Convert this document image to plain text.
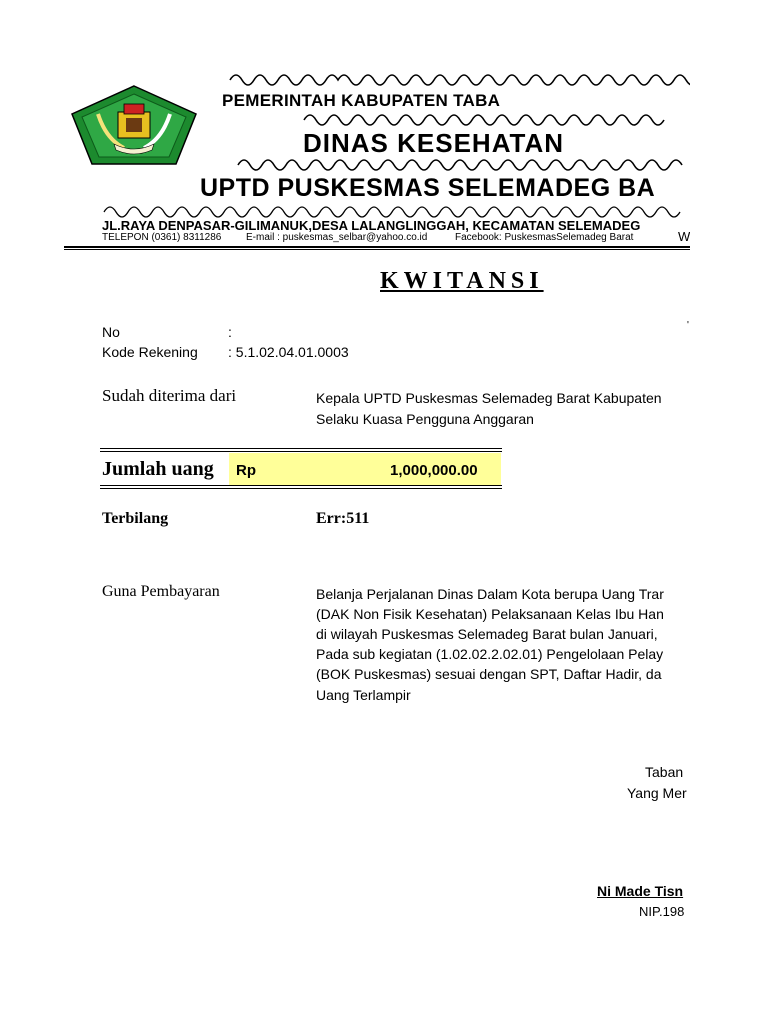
PEMERINTAH KABUPATEN TABA
DINAS KESEHATAN
UPTD PUSKESMAS SELEMADEG BA
JL.RAYA DENPASAR-GILIMANUK,DESA LALANGLINGGAH, KECAMATAN SELEMADEG
TELEPON (0361) 8311286 E-mail : puskesmas_selbar@yahoo.co.id	Facebook: PuskesmasSelemadeg Barat	W
KWITANSI
'
No	:
Kode Rekening : 5.1.02.04.01.0003
Sudah diterima dari	Kepala UPTD Puskesmas Selemadeg Barat Kabupaten
Selaku Kuasa Pengguna Anggaran
Jumlah uang Rp	1,000,000.00
Terbilang	Err:511
Guna Pembayaran	Belanja Perjalanan Dinas Dalam Kota berupa Uang Trar
(DAK Non Fisik Kesehatan) Pelaksanaan Kelas Ibu Han
di wilayah Puskesmas Selemadeg Barat bulan Januari,
Pada sub kegiatan (1.02.02.2.02.01) Pengelolaan Pelay
(BOK Puskesmas) sesuai dengan SPT, Daftar Hadir, da
Uang Terlampir
Taban
Yang Mer
Ni Made Tisn
NIP.198
